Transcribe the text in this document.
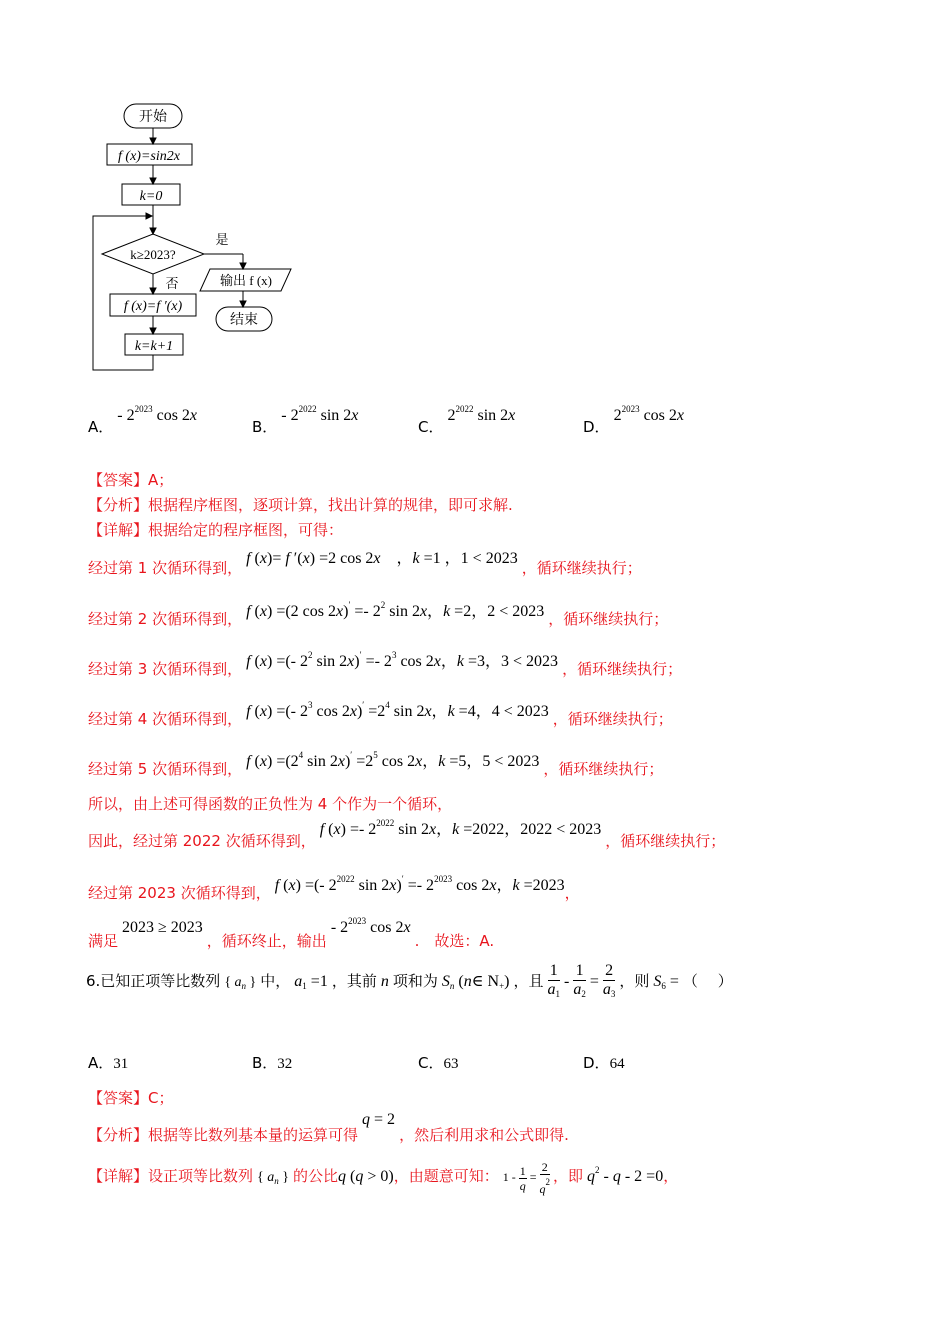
开始
f (x)=sin2x
k=0
k≥2023?
是
否	输出 f (x)
结束
f (x)=f ′(x)
k=k+1
A． - $2^{2023}$ cos 2x
B． - $2^{2022}$ sin 2x
C． $2^{2022}$ sin 2x
D． $2^{2023}$ cos 2x
【答案】A；
【分析】根据程序框图，逐项计算，找出计算的规律，即可求解.
【详解】根据给定的程序框图，可得：
经过第 1 次循环得到， f (x)= f ′(x) =2 cos 2x　，k =1 ，1 < 2023 ，循环继续执行；
经过第 2 次循环得到， f (x) =(2 $\cos 2x)' =- 2^2$ sin 2x，k =2，2 < 2023 ，循环继续执行；
经过第 3 次循环得到， f (x) =(- $2^2$ $\sin 2x)' =- 2^3$ cos 2x，k =3，3 < 2023 ，循环继续执行；
经过第 4 次循环得到， f (x) =(- $2^3$ $\cos 2x)' =2^4$ sin 2x，k =4，4 < 2023 ，循环继续执行；
经过第 5 次循环得到， f $(x) =(2^4$ $\sin 2x)' =2^5$ cos 2x，k =5，5 < 2023 ，循环继续执行；
所以，由上述可得函数的正负性为 4 个作为一个循环，
因此，经过第 2022 次循环得到， f $(x) =- 2^{2022}$ sin 2x，k =2022，2022 < 2023 ，循环继续执行；
经过第 2023 次循环得到， f (x) =(- $2^{2022}$ $\sin 2x)' =- 2^{2023}$ cos 2x，k =2023，
满足 2023 ≥ 2023 ，循环终止，输出 - $2^{2023}$ cos 2x .　故选：A.
6.已知正项等比数列 { $a_n$ } 中， $a_1 =1$ ，其前 n 项和为 $S_n$ (n∈ $N_+$) ，且 $\frac{1}{a_1} - \frac{1}{a_2} = \frac{2}{a_3}$ ，则 $S_6$ = （　 ）
A．31	B．32	C．63	D．64
【答案】C；
【分析】根据等比数列基本量的运算可得 q = 2 ，然后利用求和公式即得.
【详解】设正项等比数列 { $a_n$ } 的公比q (q > 0)，由题意可知： $1 - \frac{1}{q} = \frac{2}{q^2}$ ，即 $q^2 - q - 2 =0$，
